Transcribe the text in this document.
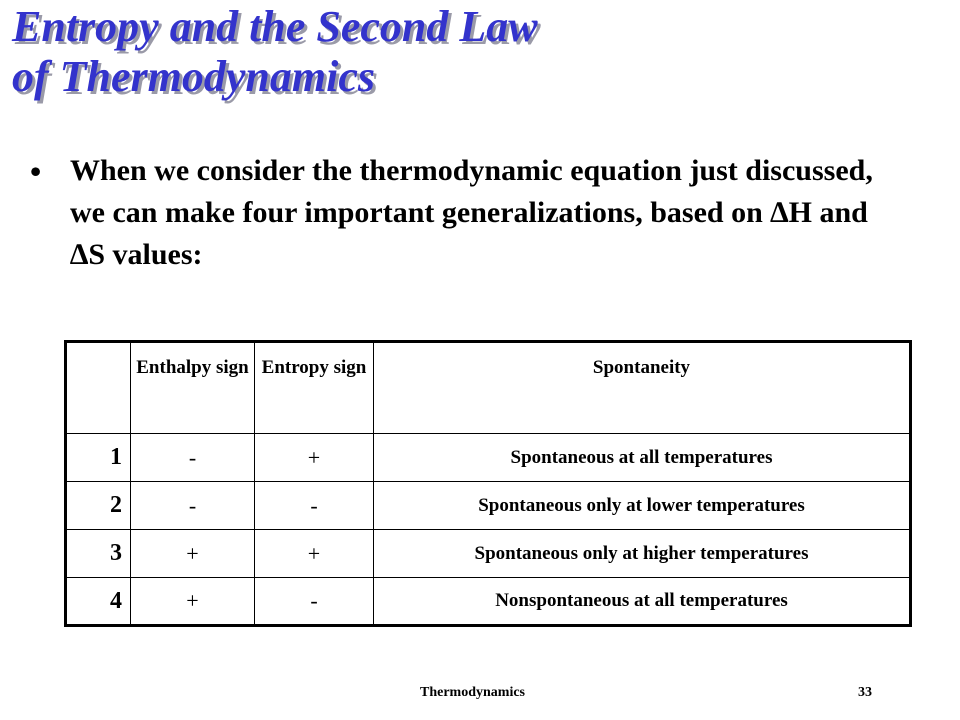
Entropy and the Second Law
of Thermodynamics
• When we consider the thermodynamic equation just discussed, we can make four important generalizations, based on ∆H and ∆S values:
	Enthalpy sign	Entropy sign	Spontaneity
1	-	+	Spontaneous at all temperatures
2	-	-	Spontaneous only at lower temperatures
3	+	+	Spontaneous only at higher temperatures
4	+	-	Nonspontaneous at all temperatures
Thermodynamics	33
